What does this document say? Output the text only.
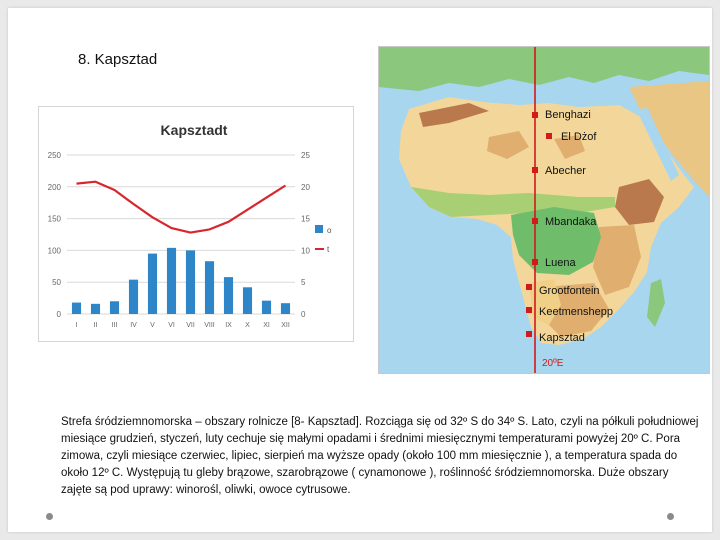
8. Kapsztad
Kapsztadt
0
50
100
150
200
250
0
5
10
15
20
25
I II III IV V VI VII VIII IX X XI XII
o
t
Benghazi
El Dżof
Abecher
Mbandaka
Luena
Grootfontein
Keetmenshepp
Kapsztad
20ºE
Strefa śródziemnomorska – obszary rolnicze [8- Kapsztad]. Rozciąga się od 32º S do 34º S. Lato, czyli na półkuli południowej miesiące grudzień, styczeń, luty cechuje się małymi opadami i średnimi miesięcznymi temperaturami powyżej 20º C. Pora zimowa, czyli miesiące czerwiec, lipiec, sierpień ma wyższe opady (około 100 mm miesięcznie ), a temperatura spada do około 12º C. Występują tu gleby brązowe, szarobrązowe ( cynamonowe ), roślinność śródziemnomorska. Duże obszary zajęte są pod uprawy: winorośl, oliwki, owoce cytrusowe.
